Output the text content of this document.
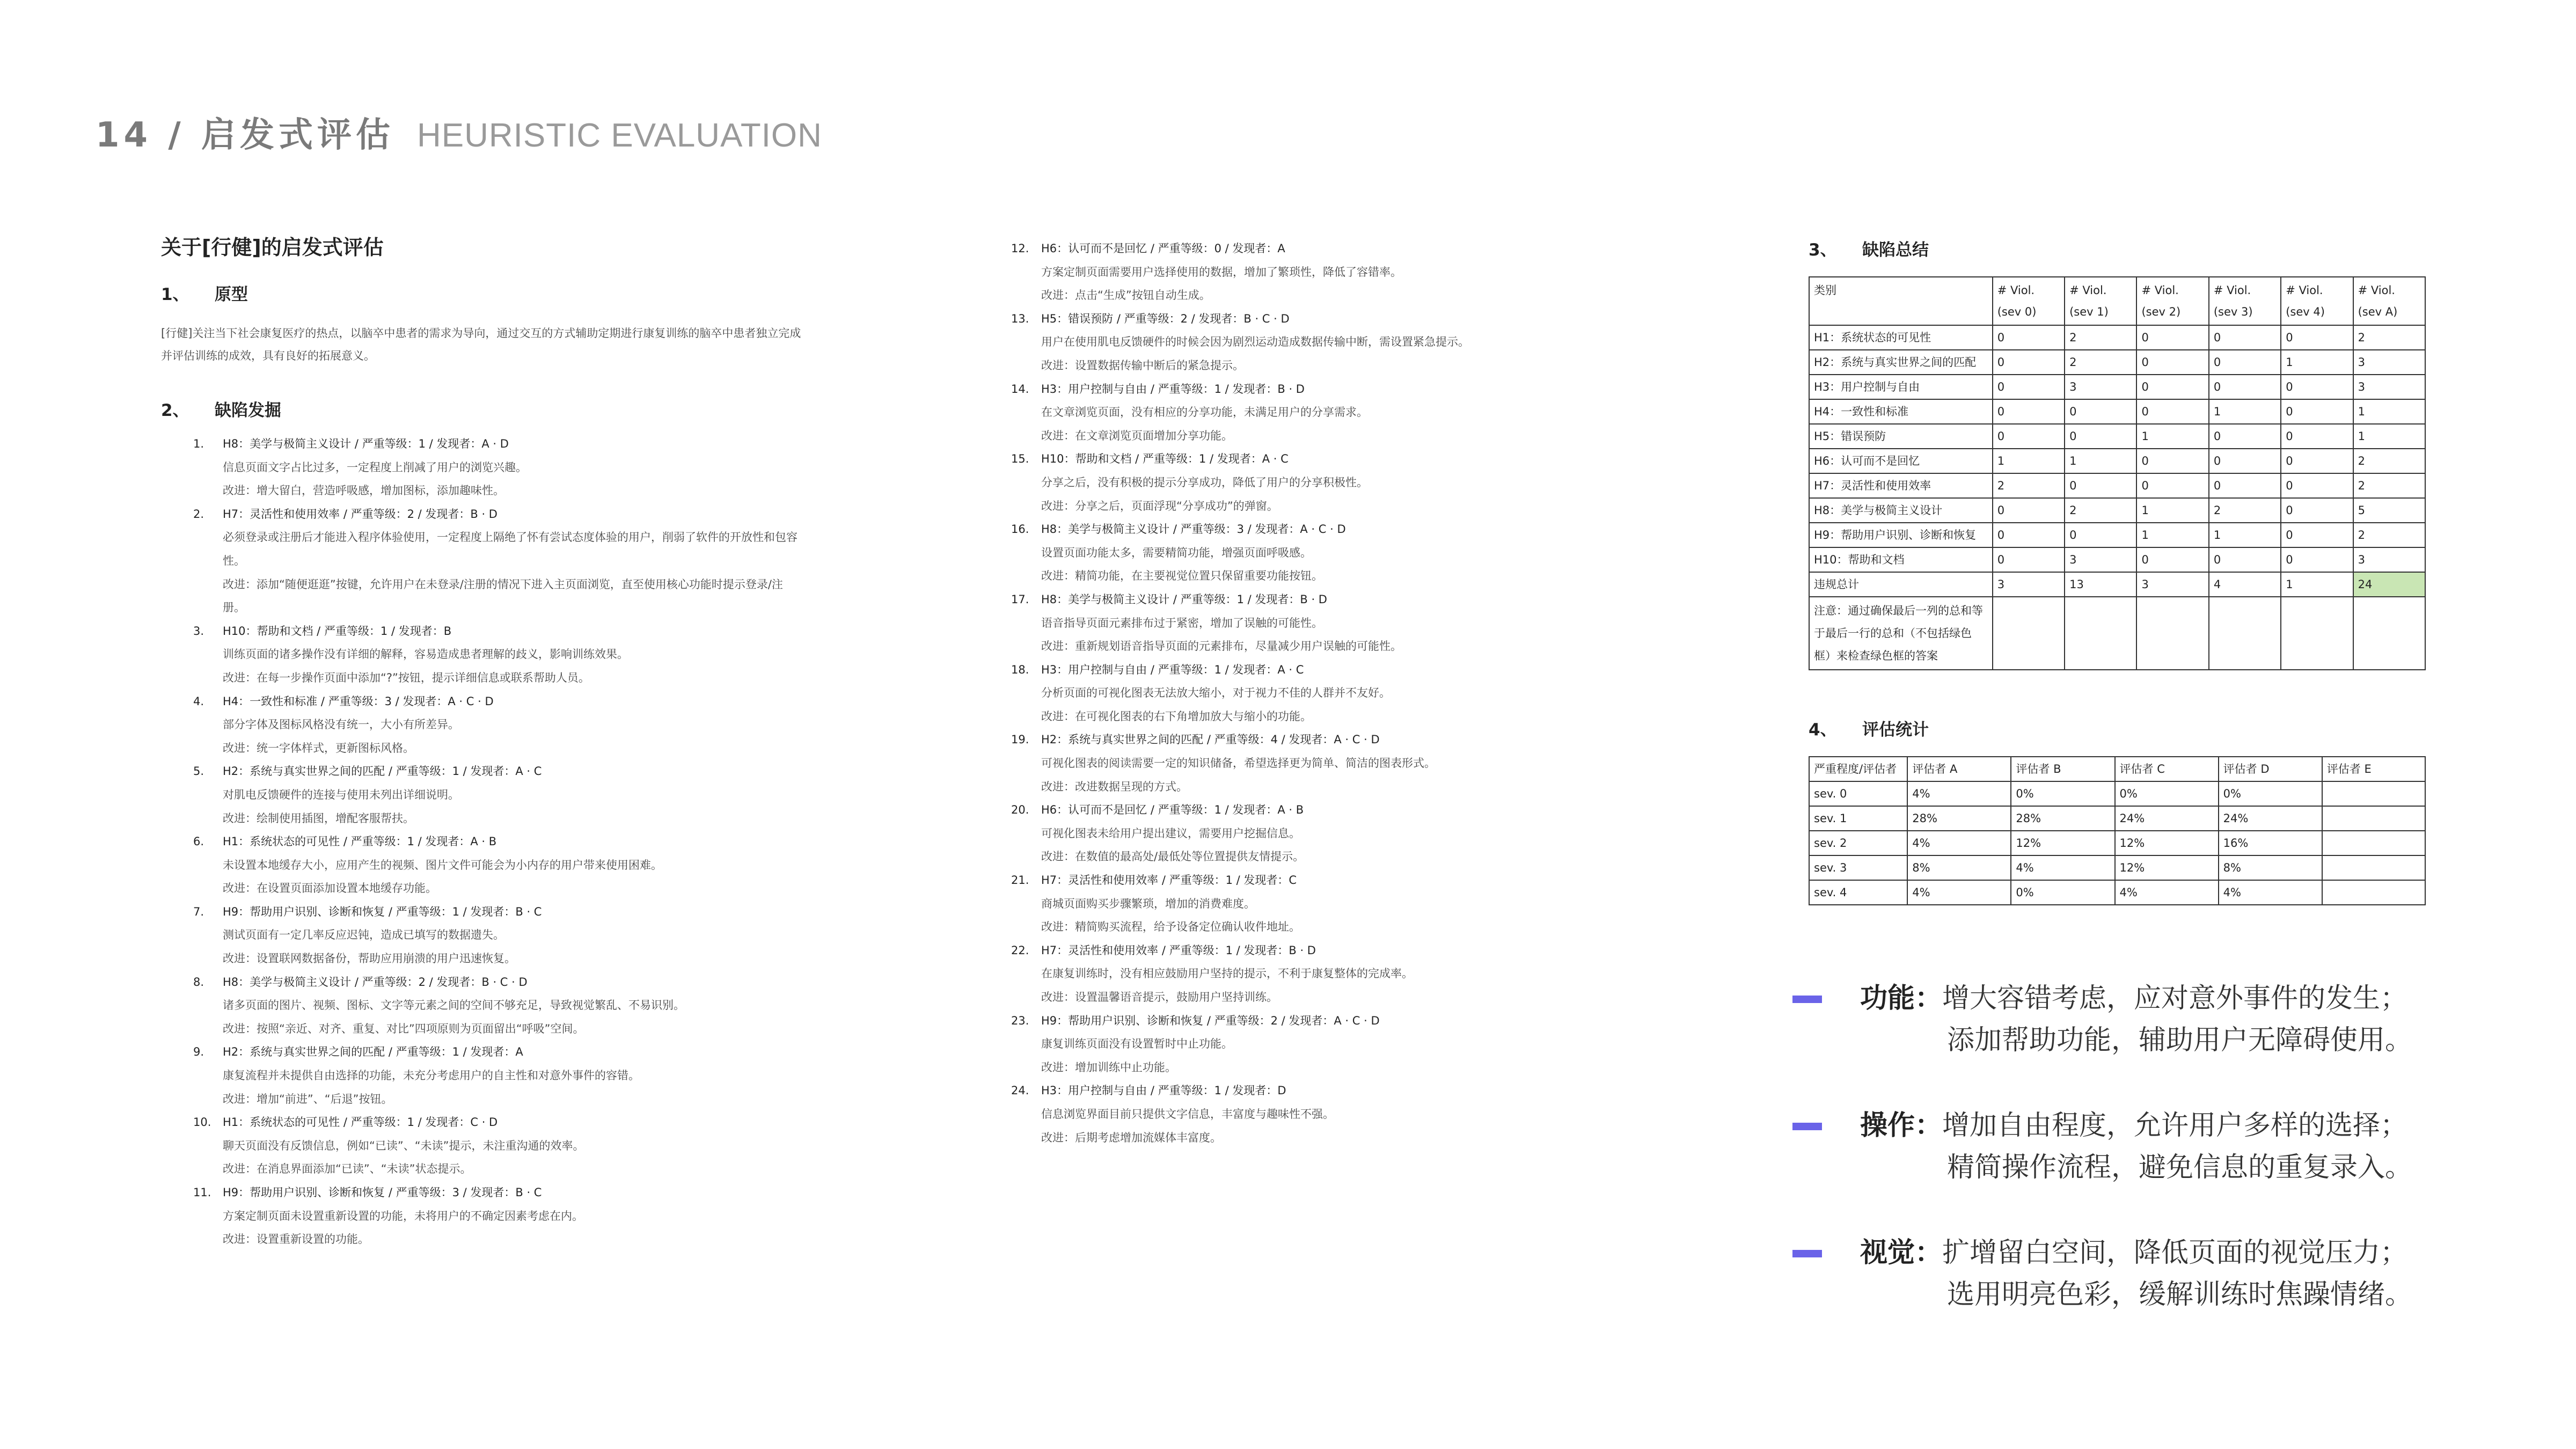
14 / 启发式评估 HEURISTIC EVALUATION
关于[行健]的启发式评估
1、	原型

[行健]关注当下社会康复医疗的热点，以脑卒中患者的需求为导向，通过交互的方式辅助定期进行康复训练的脑卒中患者独立完成并评估训练的成效，具有良好的拓展意义。

2、	缺陷发掘
1. H8：美学与极简主义设计 / 严重等级：1 / 发现者：A · D
信息页面文字占比过多，一定程度上削减了用户的浏览兴趣。
改进：增大留白，营造呼吸感，增加图标，添加趣味性。
2. H7：灵活性和使用效率 / 严重等级：2 / 发现者：B · D
必须登录或注册后才能进入程序体验使用，一定程度上隔绝了怀有尝试态度体验的用户，削弱了软件的开放性和包容性。
改进：添加“随便逛逛”按键，允许用户在未登录/注册的情况下进入主页面浏览，直至使用核心功能时提示登录/注册。
3. H10：帮助和文档 / 严重等级：1 / 发现者：B
训练页面的诸多操作没有详细的解释，容易造成患者理解的歧义，影响训练效果。
改进：在每一步操作页面中添加“?”按钮，提示详细信息或联系帮助人员。
4. H4：一致性和标准 / 严重等级：3 / 发现者：A · C · D
部分字体及图标风格没有统一，大小有所差异。
改进：统一字体样式，更新图标风格。
5. H2：系统与真实世界之间的匹配 / 严重等级：1 / 发现者：A · C
对肌电反馈硬件的连接与使用未列出详细说明。
改进：绘制使用插图，增配客服帮扶。
6. H1：系统状态的可见性 / 严重等级：1 / 发现者：A · B
未设置本地缓存大小，应用产生的视频、图片文件可能会为小内存的用户带来使用困难。
改进：在设置页面添加设置本地缓存功能。
7. H9：帮助用户识别、诊断和恢复 / 严重等级：1 / 发现者：B · C
测试页面有一定几率反应迟钝，造成已填写的数据遗失。
改进：设置联网数据备份，帮助应用崩溃的用户迅速恢复。
8. H8：美学与极简主义设计 / 严重等级：2 / 发现者：B · C · D
诸多页面的图片、视频、图标、文字等元素之间的空间不够充足，导致视觉繁乱、不易识别。
改进：按照“亲近、对齐、重复、对比”四项原则为页面留出“呼吸”空间。
9. H2：系统与真实世界之间的匹配 / 严重等级：1 / 发现者：A
康复流程并未提供自由选择的功能，未充分考虑用户的自主性和对意外事件的容错。
改进：增加“前进”、“后退”按钮。
10. H1：系统状态的可见性 / 严重等级：1 / 发现者：C · D
聊天页面没有反馈信息，例如“已读”、“未读”提示，未注重沟通的效率。
改进：在消息界面添加“已读”、“未读”状态提示。
11. H9：帮助用户识别、诊断和恢复 / 严重等级：3 / 发现者：B · C
方案定制页面未设置重新设置的功能，未将用户的不确定因素考虑在内。
改进：设置重新设置的功能。
12. H6：认可而不是回忆 / 严重等级：0 / 发现者：A
方案定制页面需要用户选择使用的数据，增加了繁琐性，降低了容错率。
改进：点击“生成”按钮自动生成。
13. H5：错误预防 / 严重等级：2 / 发现者：B · C · D
用户在使用肌电反馈硬件的时候会因为剧烈运动造成数据传输中断，需设置紧急提示。
改进：设置数据传输中断后的紧急提示。
14. H3：用户控制与自由 / 严重等级：1 / 发现者：B · D
在文章浏览页面，没有相应的分享功能，未满足用户的分享需求。
改进：在文章浏览页面增加分享功能。
15. H10：帮助和文档 / 严重等级：1 / 发现者：A · C
分享之后，没有积极的提示分享成功，降低了用户的分享积极性。
改进：分享之后，页面浮现“分享成功”的弹窗。
16. H8：美学与极简主义设计 / 严重等级：3 / 发现者：A · C · D
设置页面功能太多，需要精简功能，增强页面呼吸感。
改进：精简功能，在主要视觉位置只保留重要功能按钮。
17. H8：美学与极简主义设计 / 严重等级：1 / 发现者：B · D
语音指导页面元素排布过于紧密，增加了误触的可能性。
改进：重新规划语音指导页面的元素排布，尽量减少用户误触的可能性。
18. H3：用户控制与自由 / 严重等级：1 / 发现者：A · C
分析页面的可视化图表无法放大缩小，对于视力不佳的人群并不友好。
改进：在可视化图表的右下角增加放大与缩小的功能。
19. H2：系统与真实世界之间的匹配 / 严重等级：4 / 发现者：A · C · D
可视化图表的阅读需要一定的知识储备，希望选择更为简单、简洁的图表形式。
改进：改进数据呈现的方式。
20. H6：认可而不是回忆 / 严重等级：1 / 发现者：A · B
可视化图表未给用户提出建议，需要用户挖掘信息。
改进：在数值的最高处/最低处等位置提供友情提示。
21. H7：灵活性和使用效率 / 严重等级：1 / 发现者：C
商城页面购买步骤繁琐，增加的消费难度。
改进：精简购买流程，给予设备定位确认收件地址。
22. H7：灵活性和使用效率 / 严重等级：1 / 发现者：B · D
在康复训练时，没有相应鼓励用户坚持的提示，不利于康复整体的完成率。
改进：设置温馨语音提示，鼓励用户坚持训练。
23. H9：帮助用户识别、诊断和恢复 / 严重等级：2 / 发现者：A · C · D
康复训练页面没有设置暂时中止功能。
改进：增加训练中止功能。
24. H3：用户控制与自由 / 严重等级：1 / 发现者：D
信息浏览界面目前只提供文字信息，丰富度与趣味性不强。
改进：后期考虑增加流媒体丰富度。
3、	缺陷总结
类别	# Viol. (sev 0)	# Viol. (sev 1)	# Viol. (sev 2)	# Viol. (sev 3)	# Viol. (sev 4)	# Viol. (sev A)
H1：系统状态的可见性	0	2	0	0	0	2
H2：系统与真实世界之间的匹配	0	2	0	0	1	3
H3：用户控制与自由	0	3	0	0	0	3
H4：一致性和标准	0	0	0	1	0	1
H5：错误预防	0	0	1	0	0	1
H6：认可而不是回忆	1	1	0	0	0	2
H7：灵活性和使用效率	2	0	0	0	0	2
H8：美学与极简主义设计	0	2	1	2	0	5
H9：帮助用户识别、诊断和恢复	0	0	1	1	0	2
H10：帮助和文档	0	3	0	0	0	3
违规总计	3	13	3	4	1	24
注意：通过确保最后一列的总和等于最后一行的总和（不包括绿色框）来检查绿色框的答案						
4、	评估统计
严重程度/评估者	评估者 A	评估者 B	评估者 C	评估者 D	评估者 E
sev. 0	4%	0%	0%	0%	
sev. 1	28%	28%	24%	24%	
sev. 2	4%	12%	12%	16%	
sev. 3	8%	4%	12%	8%	
sev. 4	4%	0%	4%	4%	
功能：增大容错考虑，应对意外事件的发生；
添加帮助功能，辅助用户无障碍使用。
操作：增加自由程度，允许用户多样的选择；
精简操作流程，避免信息的重复录入。
视觉：扩增留白空间，降低页面的视觉压力；
选用明亮色彩，缓解训练时焦躁情绪。
